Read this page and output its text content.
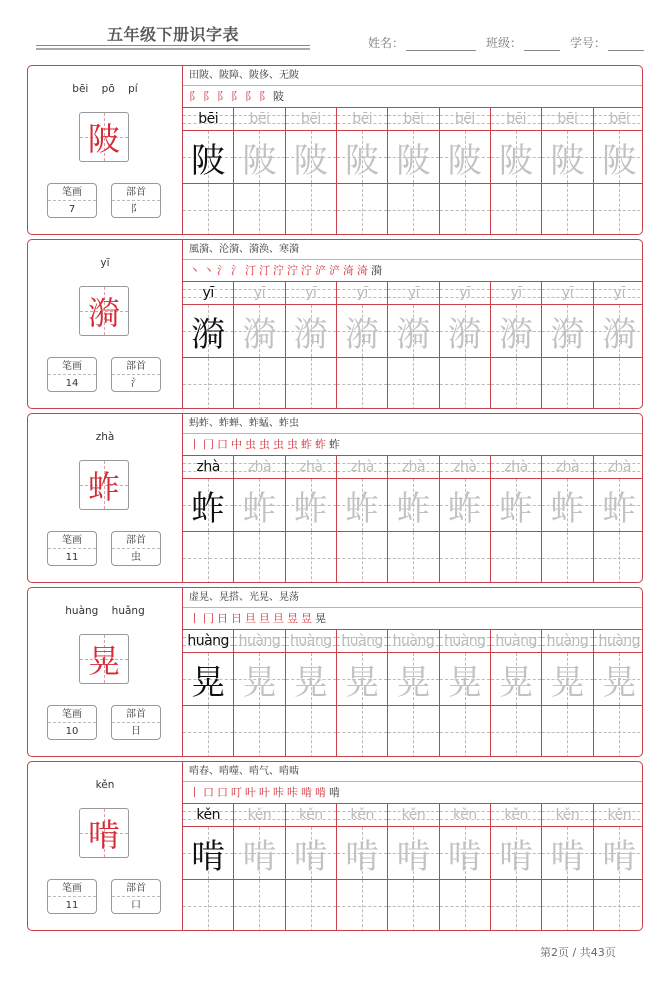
五年级下册识字表	姓名：	班级：	学号：
bēi pō pí
陂
笔画
7
部首
阝
田陂、陂障、陂侈、无陂
阝 阝 阝 阝 阝 阝 陂
bēi
陂
bēi
陂
bēi
陂
bēi
陂
bēi
陂
bēi
陂
bēi
陂
bēi
陂
bēi
陂
yī
漪
笔画
14
部首
氵
風漪、沦漪、漪涣、寒漪
丶 丶 氵 氵 汀 汀 泞 泞 泞 浐 浐 渏 渏 漪
yī
漪
yī
漪
yī
漪
yī
漪
yī
漪
yī
漪
yī
漪
yī
漪
yī
漪
zhà
蚱
笔画
11
部首
虫
蚂蚱、蚱蝉、蚱蜢、蚱虫
丨 冂 口 中 虫 虫 虫 虫 蚱 蚱 蚱
zhà
蚱
zhà
蚱
zhà
蚱
zhà
蚱
zhà
蚱
zhà
蚱
zhà
蚱
zhà
蚱
zhà
蚱
huàng huǎng
晃
笔画
10
部首
日
虚晃、晃搭、光晃、晃荡
丨 冂 日 日 旦 旦 旦 昱 昱 晃
huàng
晃
huàng
晃
huàng
晃
huàng
晃
huàng
晃
huàng
晃
huàng
晃
huàng
晃
huàng
晃
kěn
啃
笔画
11
部首
口
啃春、啃噬、啃气、啃啮
丨 口 口 叮 叶 叶 咔 咔 啃 啃 啃
kěn
啃
kěn
啃
kěn
啃
kěn
啃
kěn
啃
kěn
啃
kěn
啃
kěn
啃
kěn
啃
第2页 / 共43页
